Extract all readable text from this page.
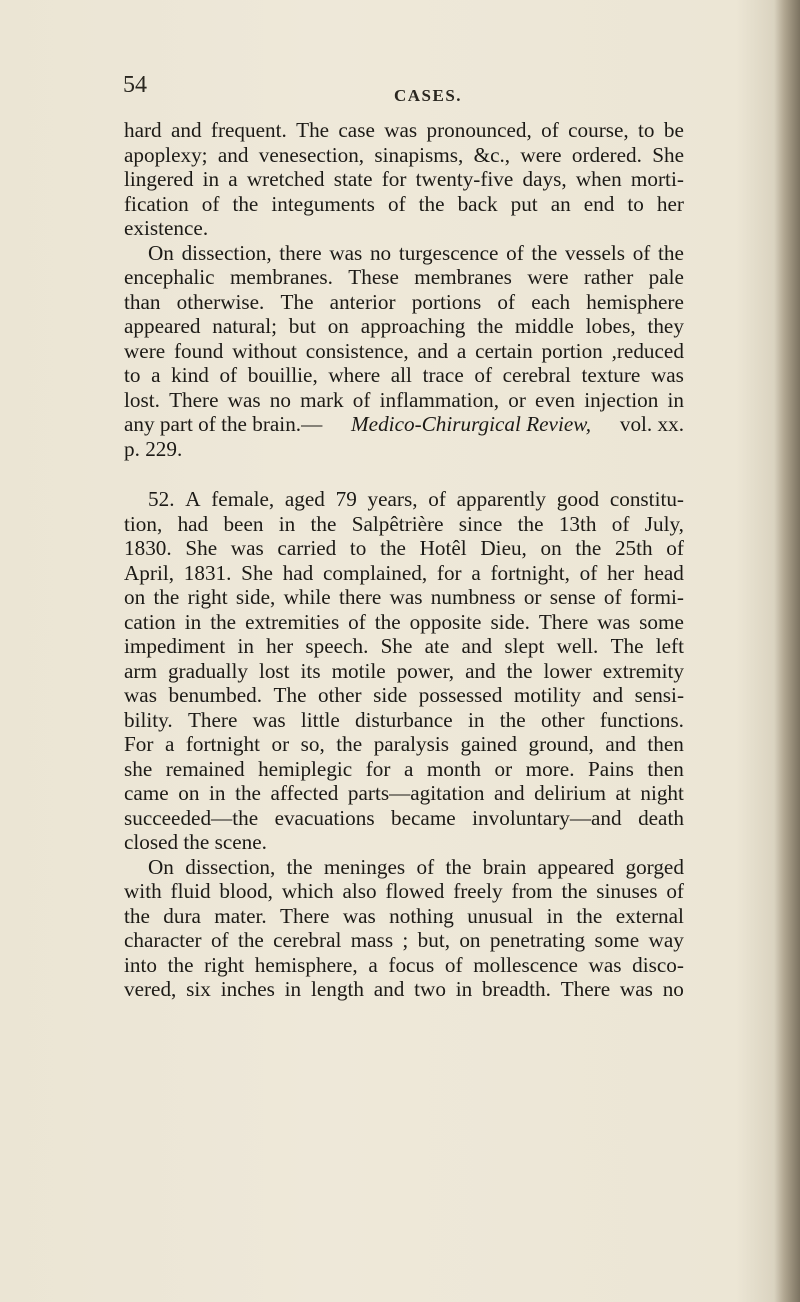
54	CASES.
hard and frequent. The case was pronounced, of course, to be
apoplexy; and venesection, sinapisms, &c., were ordered. She
lingered in a wretched state for twenty-five days, when morti-
fication of the integuments of the back put an end to her
existence.
On dissection, there was no turgescence of the vessels of the
encephalic membranes. These membranes were rather pale
than otherwise. The anterior portions of each hemisphere
appeared natural; but on approaching the middle lobes, they
were found without consistence, and a certain portion ,reduced
to a kind of bouillie, where all trace of cerebral texture was
lost. There was no mark of inflammation, or even injection in
any part of the brain.— Medico-Chirurgical Review, vol. xx.
p. 229.
52. A female, aged 79 years, of apparently good constitu-
tion, had been in the Salpêtrière since the 13th of July,
1830. She was carried to the Hotêl Dieu, on the 25th of
April, 1831. She had complained, for a fortnight, of her head
on the right side, while there was numbness or sense of formi-
cation in the extremities of the opposite side. There was some
impediment in her speech. She ate and slept well. The left
arm gradually lost its motile power, and the lower extremity
was benumbed. The other side possessed motility and sensi-
bility. There was little disturbance in the other functions.
For a fortnight or so, the paralysis gained ground, and then
she remained hemiplegic for a month or more. Pains then
came on in the affected parts—agitation and delirium at night
succeeded—the evacuations became involuntary—and death
closed the scene.
On dissection, the meninges of the brain appeared gorged
with fluid blood, which also flowed freely from the sinuses of
the dura mater. There was nothing unusual in the external
character of the cerebral mass ; but, on penetrating some way
into the right hemisphere, a focus of mollescence was disco-
vered, six inches in length and two in breadth. There was no
